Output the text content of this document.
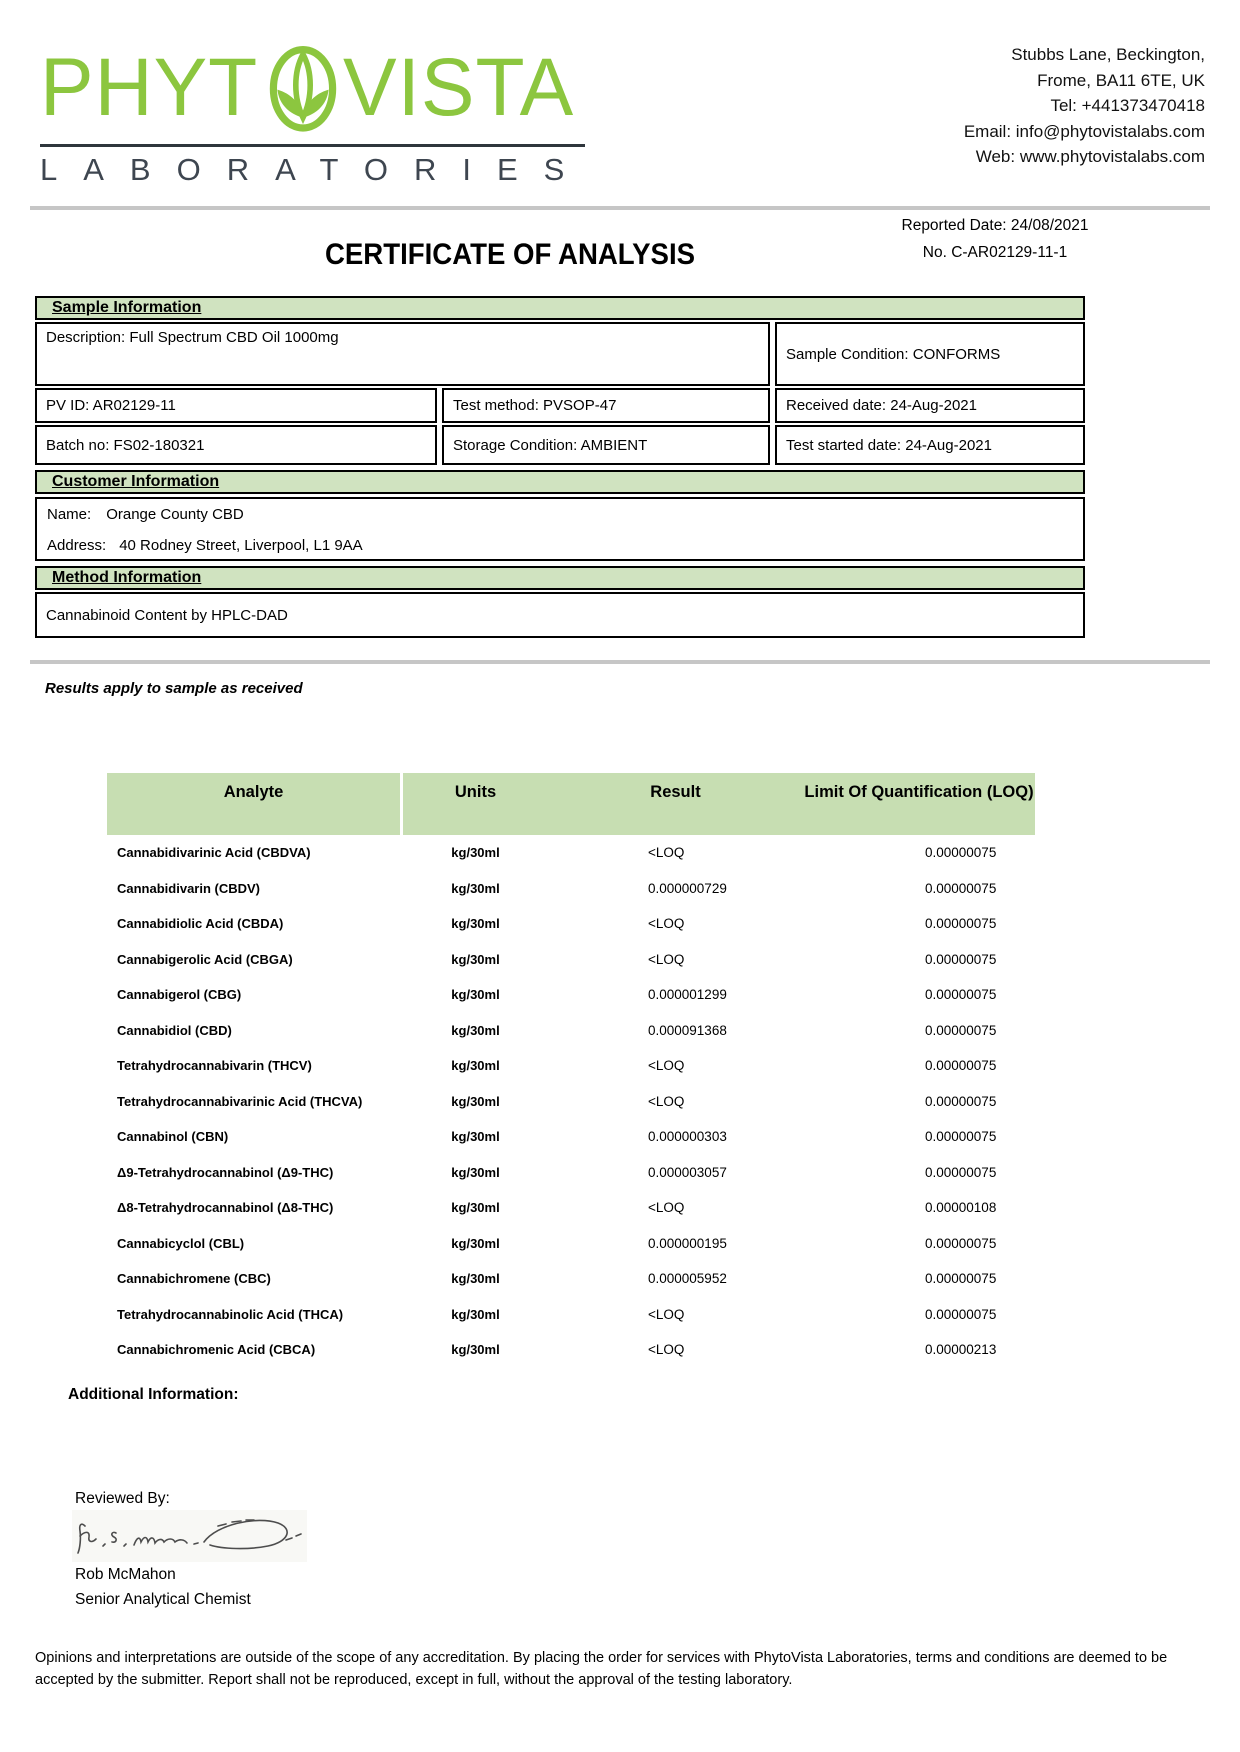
PHYT VISTA
LABORATORIES
Stubbs Lane, Beckington,
Frome, BA11 6TE, UK
Tel: +441373470418
Email: info@phytovistalabs.com
Web: www.phytovistalabs.com
Reported Date: 24/08/2021
No. C-AR02129-11-1
CERTIFICATE OF ANALYSIS
Sample Information
Description: Full Spectrum CBD Oil 1000mg
Sample Condition: CONFORMS
PV ID: AR02129-11	Test method: PVSOP-47	Received date: 24-Aug-2021
Batch no: FS02-180321	Storage Condition: AMBIENT	Test started date: 24-Aug-2021
Customer Information
Name: Orange County CBD
Address: 40 Rodney Street, Liverpool, L1 9AA
Method Information
Cannabinoid Content by HPLC-DAD
Results apply to sample as received
Analyte	Units	Result	Limit Of Quantification (LOQ)
Cannabidivarinic Acid (CBDVA)	kg/30ml	<LOQ	0.00000075
Cannabidivarin (CBDV)	kg/30ml	0.000000729	0.00000075
Cannabidiolic Acid (CBDA)	kg/30ml	<LOQ	0.00000075
Cannabigerolic Acid (CBGA)	kg/30ml	<LOQ	0.00000075
Cannabigerol (CBG)	kg/30ml	0.000001299	0.00000075
Cannabidiol (CBD)	kg/30ml	0.000091368	0.00000075
Tetrahydrocannabivarin (THCV)	kg/30ml	<LOQ	0.00000075
Tetrahydrocannabivarinic Acid (THCVA)	kg/30ml	<LOQ	0.00000075
Cannabinol (CBN)	kg/30ml	0.000000303	0.00000075
Δ9-Tetrahydrocannabinol (Δ9-THC)	kg/30ml	0.000003057	0.00000075
Δ8-Tetrahydrocannabinol (Δ8-THC)	kg/30ml	<LOQ	0.00000108
Cannabicyclol (CBL)	kg/30ml	0.000000195	0.00000075
Cannabichromene (CBC)	kg/30ml	0.000005952	0.00000075
Tetrahydrocannabinolic Acid (THCA)	kg/30ml	<LOQ	0.00000075
Cannabichromenic Acid (CBCA)	kg/30ml	<LOQ	0.00000213
Additional Information:
Reviewed By:
Rob McMahon
Senior Analytical Chemist
Opinions and interpretations are outside of the scope of any accreditation. By placing the order for services with PhytoVista Laboratories, terms and conditions are deemed to be accepted by the submitter. Report shall not be reproduced, except in full, without the approval of the testing laboratory.
